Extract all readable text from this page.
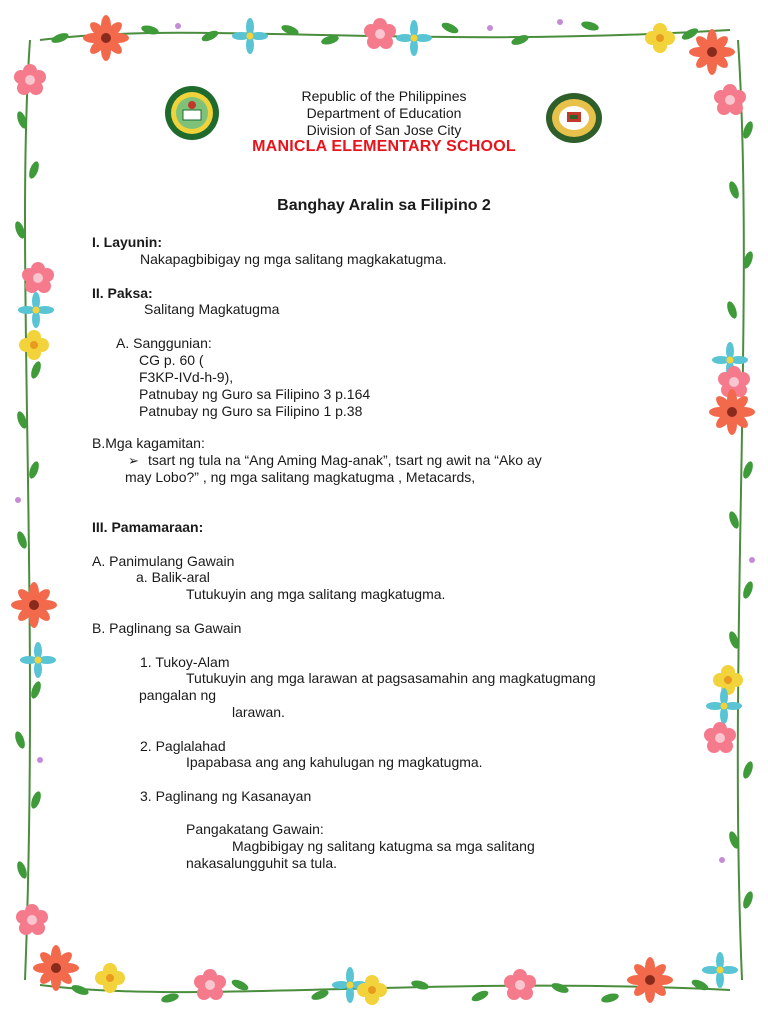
Republic of the Philippines
Department of Education
Division of San Jose City
MANICLA ELEMENTARY SCHOOL
Banghay Aralin sa Filipino 2
I. Layunin:
Nakapagbibigay ng mga salitang magkakatugma.
II. Paksa:
Salitang Magkatugma
A. Sanggunian:
CG p. 60 (
F3KP-IVd-h-9),
Patnubay ng Guro sa Filipino 3 p.164
Patnubay ng Guro sa Filipino 1 p.38
B.Mga kagamitan:
➢ tsart ng tula na “Ang Aming Mag-anak”, tsart ng awit na “Ako ay
may Lobo?” , ng mga salitang magkatugma , Metacards,
III. Pamamaraan:
A. Panimulang Gawain
a. Balik-aral
Tutukuyin ang mga salitang magkatugma.
B. Paglinang sa Gawain
1. Tukoy-Alam
Tutukuyin ang mga larawan at pagsasamahin ang magkatugmang
pangalan ng
larawan.
2. Paglalahad
Ipapabasa ang ang kahulugan ng magkatugma.
3. Paglinang ng Kasanayan
Pangakatang Gawain:
Magbibigay ng salitang katugma sa mga salitang
nakasalungguhit sa tula.
